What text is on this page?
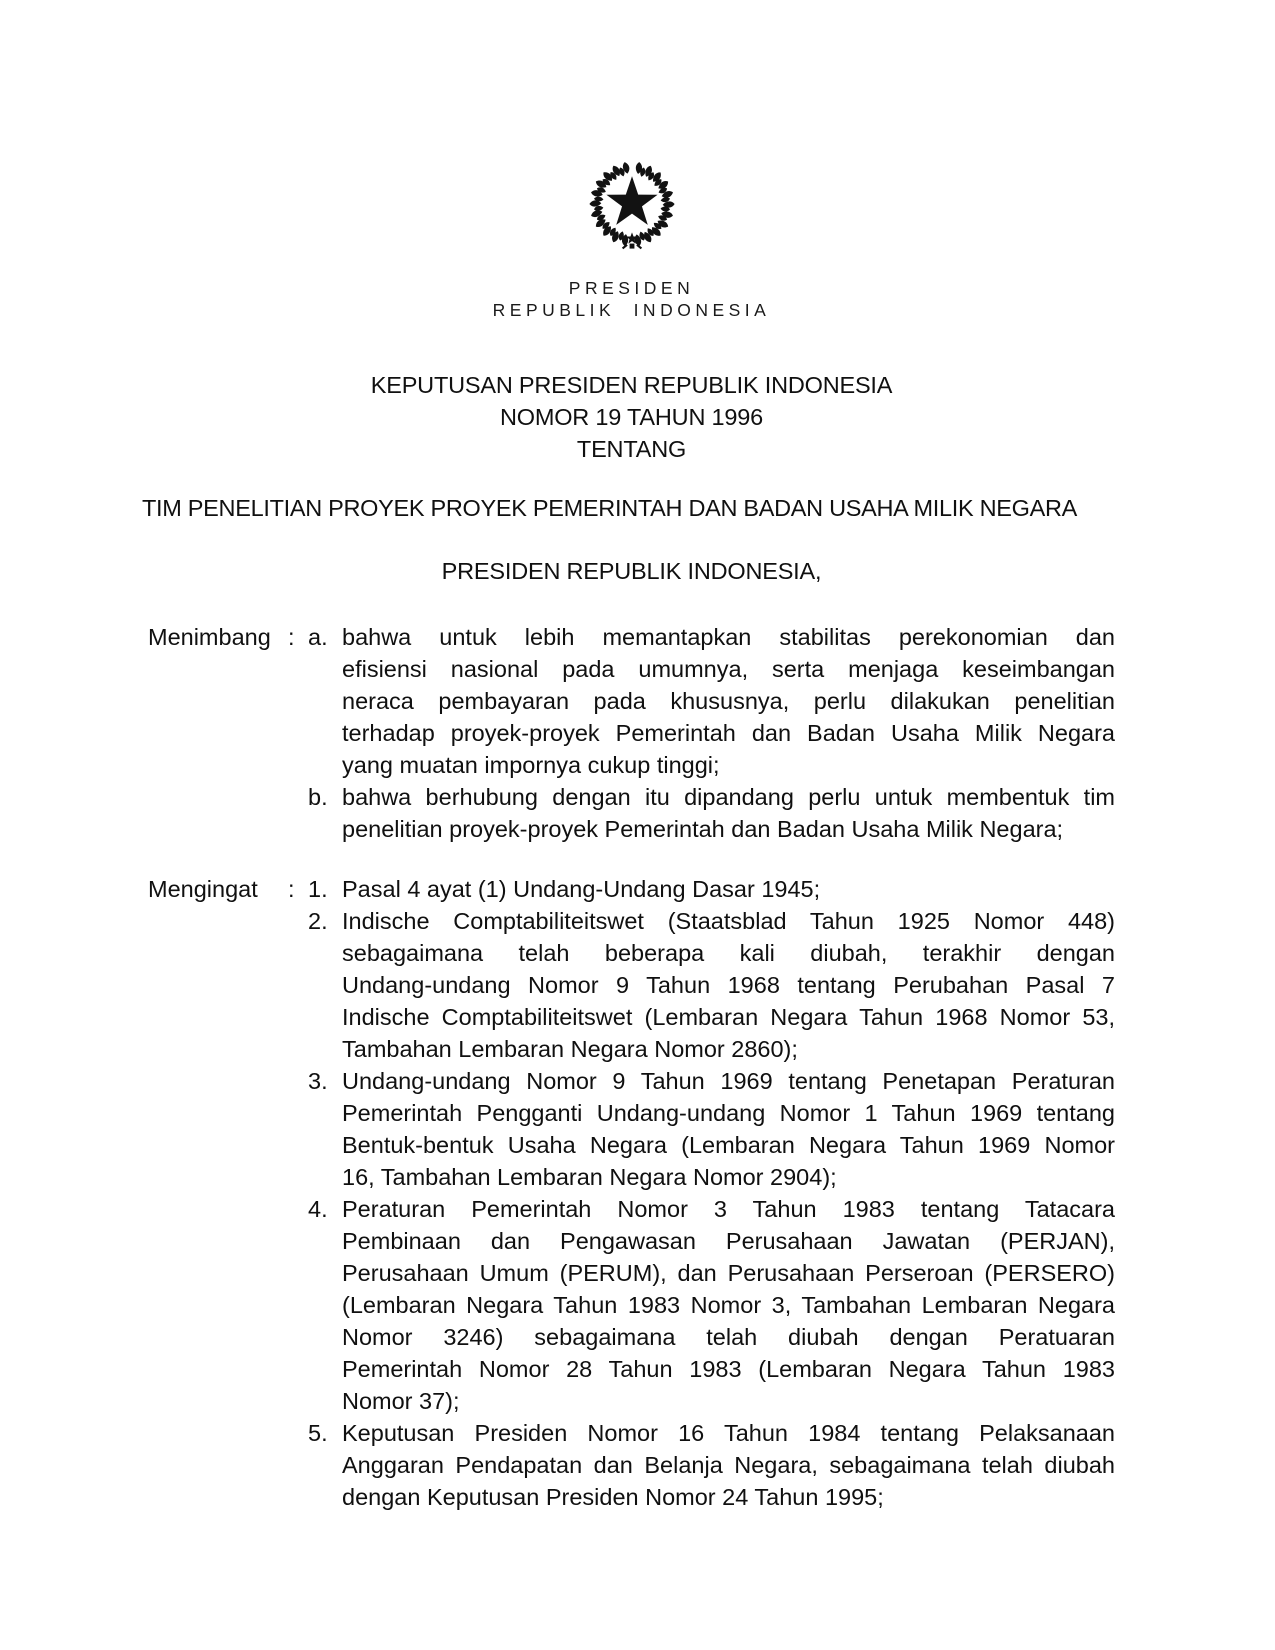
PRESIDEN
REPUBLIK INDONESIA
KEPUTUSAN PRESIDEN REPUBLIK INDONESIA
NOMOR 19 TAHUN 1996
TENTANG
TIM PENELITIAN PROYEK PROYEK PEMERINTAH DAN BADAN USAHA MILIK NEGARA
PRESIDEN REPUBLIK INDONESIA,
Menimbang : a. bahwa untuk lebih memantapkan stabilitas perekonomian dan
efisiensi nasional pada umumnya, serta menjaga keseimbangan
neraca pembayaran pada khususnya, perlu dilakukan penelitian
terhadap proyek-proyek Pemerintah dan Badan Usaha Milik Negara
yang muatan impornya cukup tinggi;
b. bahwa berhubung dengan itu dipandang perlu untuk membentuk tim
penelitian proyek-proyek Pemerintah dan Badan Usaha Milik Negara;
Mengingat	: 1. Pasal 4 ayat (1) Undang-Undang Dasar 1945;
2. Indische Comptabiliteitswet (Staatsblad Tahun 1925 Nomor 448)
sebagaimana telah beberapa kali diubah, terakhir dengan
Undang-undang Nomor 9 Tahun 1968 tentang Perubahan Pasal 7
Indische Comptabiliteitswet (Lembaran Negara Tahun 1968 Nomor 53,
Tambahan Lembaran Negara Nomor 2860);
3. Undang-undang Nomor 9 Tahun 1969 tentang Penetapan Peraturan
Pemerintah Pengganti Undang-undang Nomor 1 Tahun 1969 tentang
Bentuk-bentuk Usaha Negara (Lembaran Negara Tahun 1969 Nomor
16, Tambahan Lembaran Negara Nomor 2904);
4. Peraturan Pemerintah Nomor 3 Tahun 1983 tentang Tatacara
Pembinaan dan Pengawasan Perusahaan Jawatan (PERJAN),
Perusahaan Umum (PERUM), dan Perusahaan Perseroan (PERSERO)
(Lembaran Negara Tahun 1983 Nomor 3, Tambahan Lembaran Negara
Nomor 3246) sebagaimana telah diubah dengan Peratuaran
Pemerintah Nomor 28 Tahun 1983 (Lembaran Negara Tahun 1983
Nomor 37);
5. Keputusan Presiden Nomor 16 Tahun 1984 tentang Pelaksanaan
Anggaran Pendapatan dan Belanja Negara, sebagaimana telah diubah
dengan Keputusan Presiden Nomor 24 Tahun 1995;
